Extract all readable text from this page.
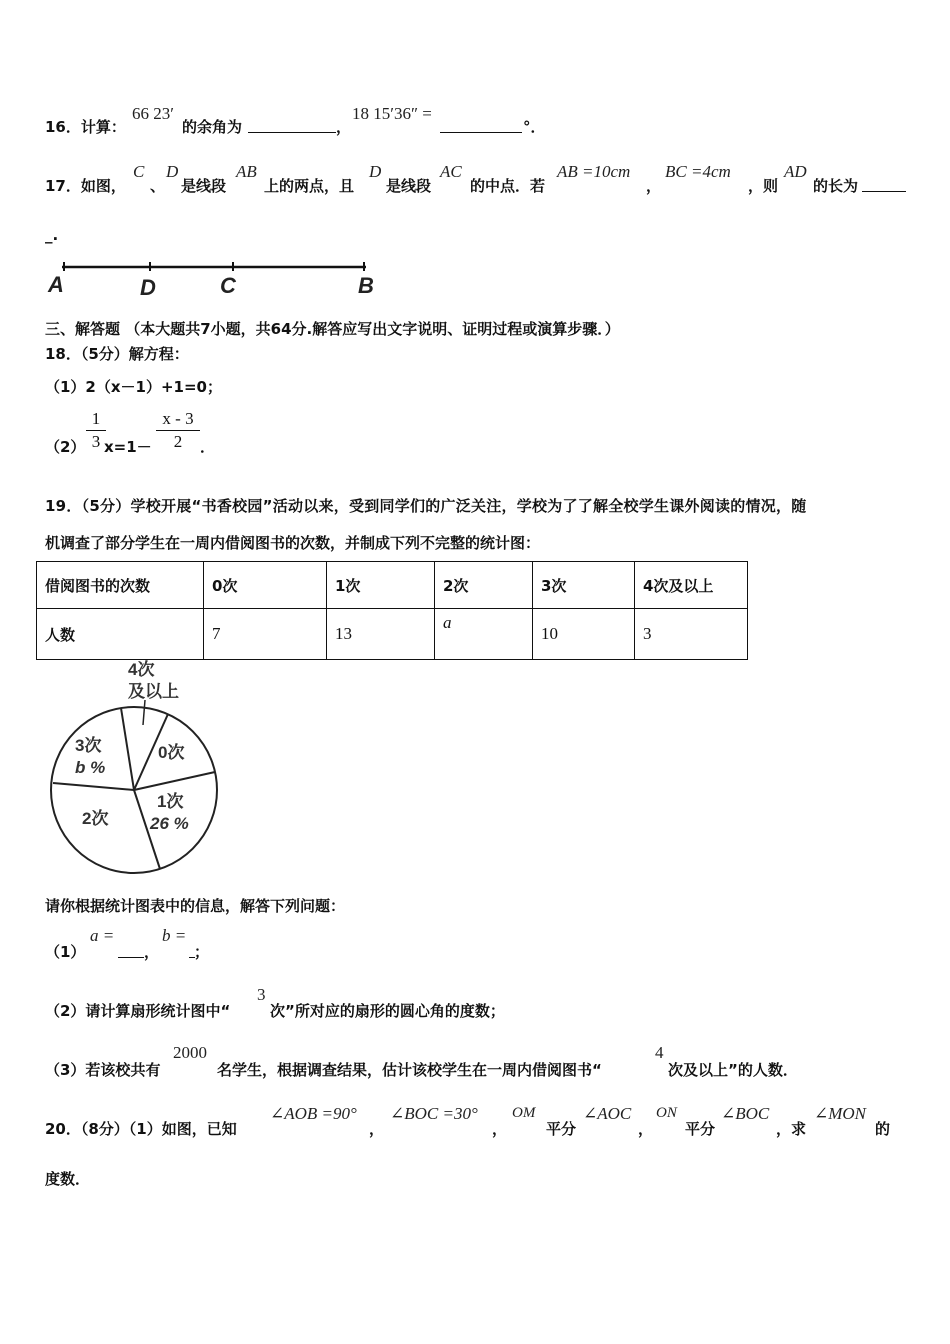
16．计算：
66 23′
的余角为	，
18 15′36″ =
°．
17．如图，
C
、
D
是线段
AB
上的两点，且
D
是线段
AC
的中点．若
AB =10cm
，
BC =4cm
，则
AD
的长为
_.
A	D	C	B
三、解答题 （本大题共7小题，共64分.解答应写出文字说明、证明过程或演算步骤．）
18．（5分）解方程：
（1）2（x－1）+1=0；
（2）
1
3 x=1－
x - 3
2	．
19．（5分）学校开展“书香校园”活动以来，受到同学们的广泛关注，学校为了了解全校学生课外阅读的情况，随
机调查了部分学生在一周内借阅图书的次数，并制成下列不完整的统计图：
借阅图书的次数	0次	1次	2次	3次	4次及以上
人数	7	13	a	10	3
4次
及以上
3次
b %
0次
1次
26 %
2次
请你根据统计图表中的信息，解答下列问题：
（1）
a =
，
b =
；
（2）请计算扇形统计图中“
3
次”所对应的扇形的圆心角的度数；
（3）若该校共有
2000
名学生，根据调查结果，估计该校学生在一周内借阅图书“
4
次及以上”的人数．
20．（8分）（1）如图，已知
∠AOB =90°
，
∠BOC =30°
，
OM
平分
∠AOC
，
ON
平分
∠BOC
，求
∠MON
的
度数．
